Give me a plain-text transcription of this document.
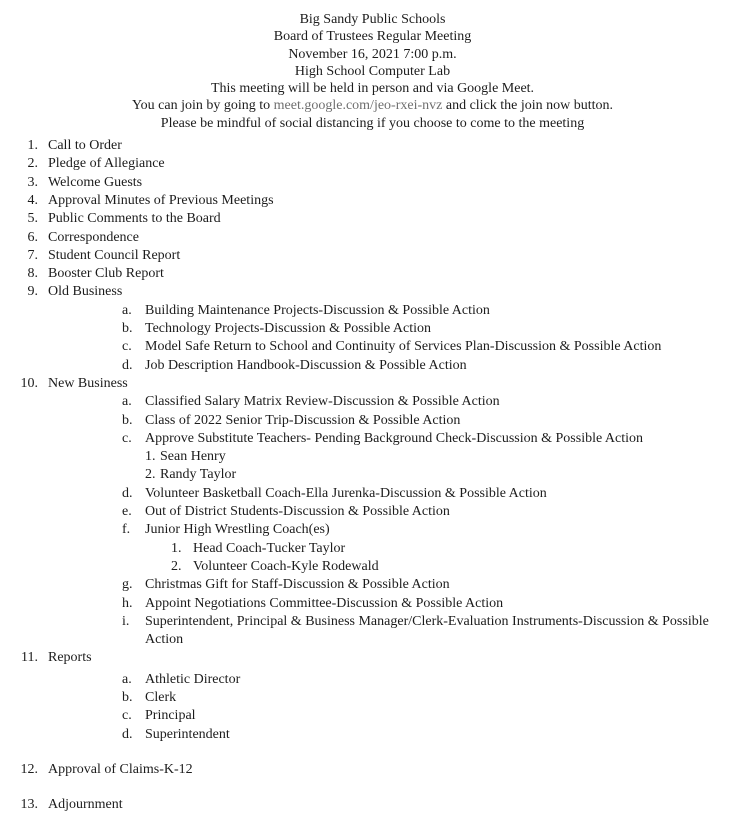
Big Sandy Public Schools
Board of Trustees Regular Meeting
November 16, 2021 7:00 p.m.
High School Computer Lab
This meeting will be held in person and via Google Meet.
You can join by going to meet.google.com/jeo-rxei-nvz and click the join now button.
Please be mindful of social distancing if you choose to come to the meeting
1. Call to Order
2. Pledge of Allegiance
3. Welcome Guests
4. Approval Minutes of Previous Meetings
5. Public Comments to the Board
6. Correspondence
7. Student Council Report
8. Booster Club Report
9. Old Business
a. Building Maintenance Projects-Discussion & Possible Action
b. Technology Projects-Discussion & Possible Action
c. Model Safe Return to School and Continuity of Services Plan-Discussion & Possible Action
d. Job Description Handbook-Discussion & Possible Action
10. New Business
a. Classified Salary Matrix Review-Discussion & Possible Action
b. Class of 2022 Senior Trip-Discussion & Possible Action
c. Approve Substitute Teachers- Pending Background Check-Discussion & Possible Action
1. Sean Henry
2. Randy Taylor
d. Volunteer Basketball Coach-Ella Jurenka-Discussion & Possible Action
e. Out of District Students-Discussion & Possible Action
f.	Junior High Wrestling Coach(es)
1. Head Coach-Tucker Taylor
2. Volunteer Coach-Kyle Rodewald
g. Christmas Gift for Staff-Discussion & Possible Action
h. Appoint Negotiations Committee-Discussion & Possible Action
i.	Superintendent, Principal & Business Manager/Clerk-Evaluation Instruments-Discussion & Possible Action
11. Reports
a. Athletic Director
b. Clerk
c. Principal
d. Superintendent
12. Approval of Claims-K-12
13. Adjournment
